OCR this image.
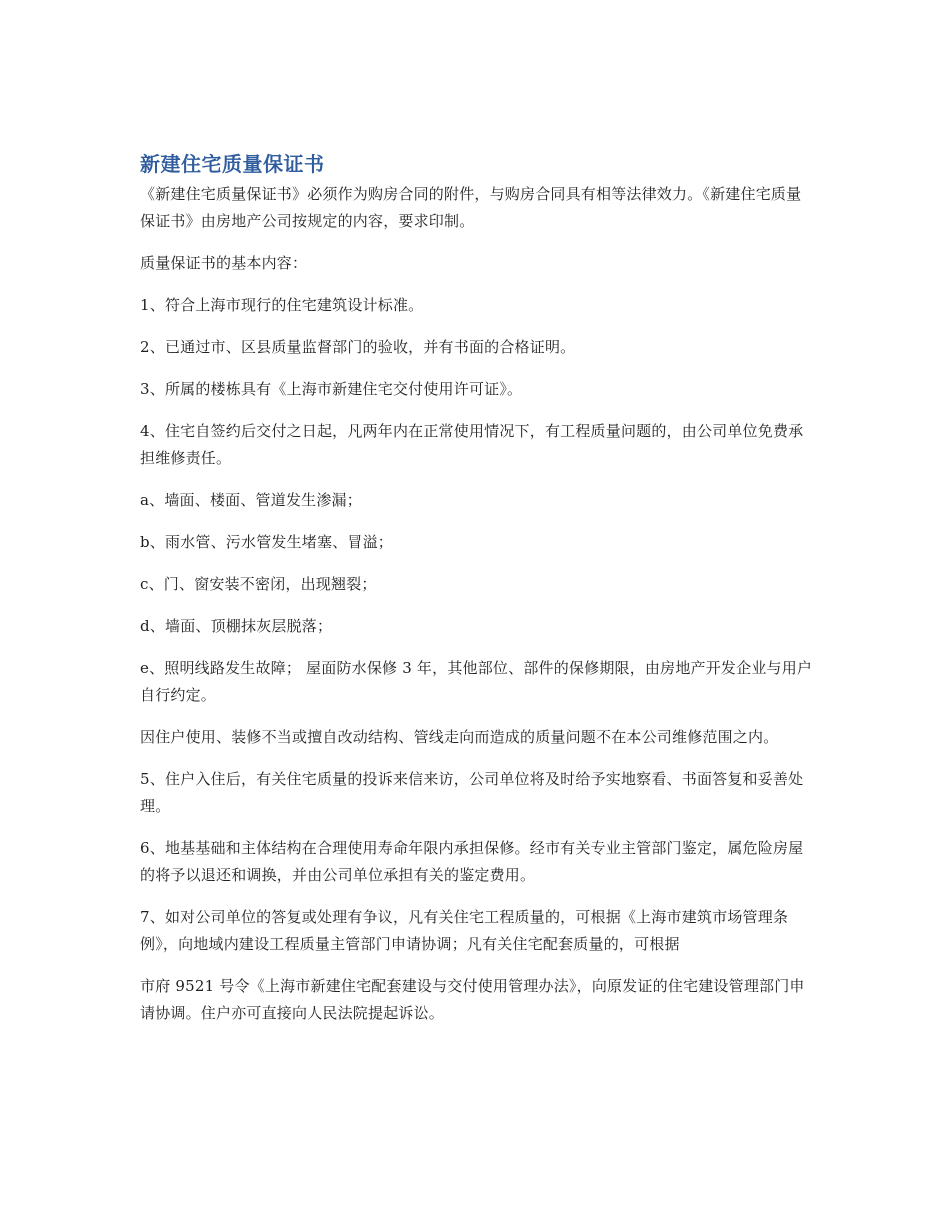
新建住宅质量保证书

《新建住宅质量保证书》必须作为购房合同的附件，与购房合同具有相等法律效力。《新建住宅质量保证书》由房地产公司按规定的内容，要求印制。

质量保证书的基本内容：

1、符合上海市现行的住宅建筑设计标准。

2、已通过市、区县质量监督部门的验收，并有书面的合格证明。

3、所属的楼栋具有《上海市新建住宅交付使用许可证》。

4、住宅自签约后交付之日起，凡两年内在正常使用情况下，有工程质量问题的，由公司单位免费承担维修责任。

a、墙面、楼面、管道发生渗漏；

b、雨水管、污水管发生堵塞、冒溢；

c、门、窗安装不密闭，出现翘裂；

d、墙面、顶棚抹灰层脱落；

e、照明线路发生故障； 屋面防水保修 3 年，其他部位、部件的保修期限，由房地产开发企业与用户自行约定。

因住户使用、装修不当或擅自改动结构、管线走向而造成的质量问题不在本公司维修范围之内。

5、住户入住后，有关住宅质量的投诉来信来访，公司单位将及时给予实地察看、书面答复和妥善处理。

6、地基基础和主体结构在合理使用寿命年限内承担保修。经市有关专业主管部门鉴定，属危险房屋的将予以退还和调换，并由公司单位承担有关的鉴定费用。

7、如对公司单位的答复或处理有争议，凡有关住宅工程质量的，可根据《上海市建筑市场管理条例》，向地域内建设工程质量主管部门申请协调；凡有关住宅配套质量的，可根据

市府 9521 号令《上海市新建住宅配套建设与交付使用管理办法》，向原发证的住宅建设管理部门申请协调。住户亦可直接向人民法院提起诉讼。
